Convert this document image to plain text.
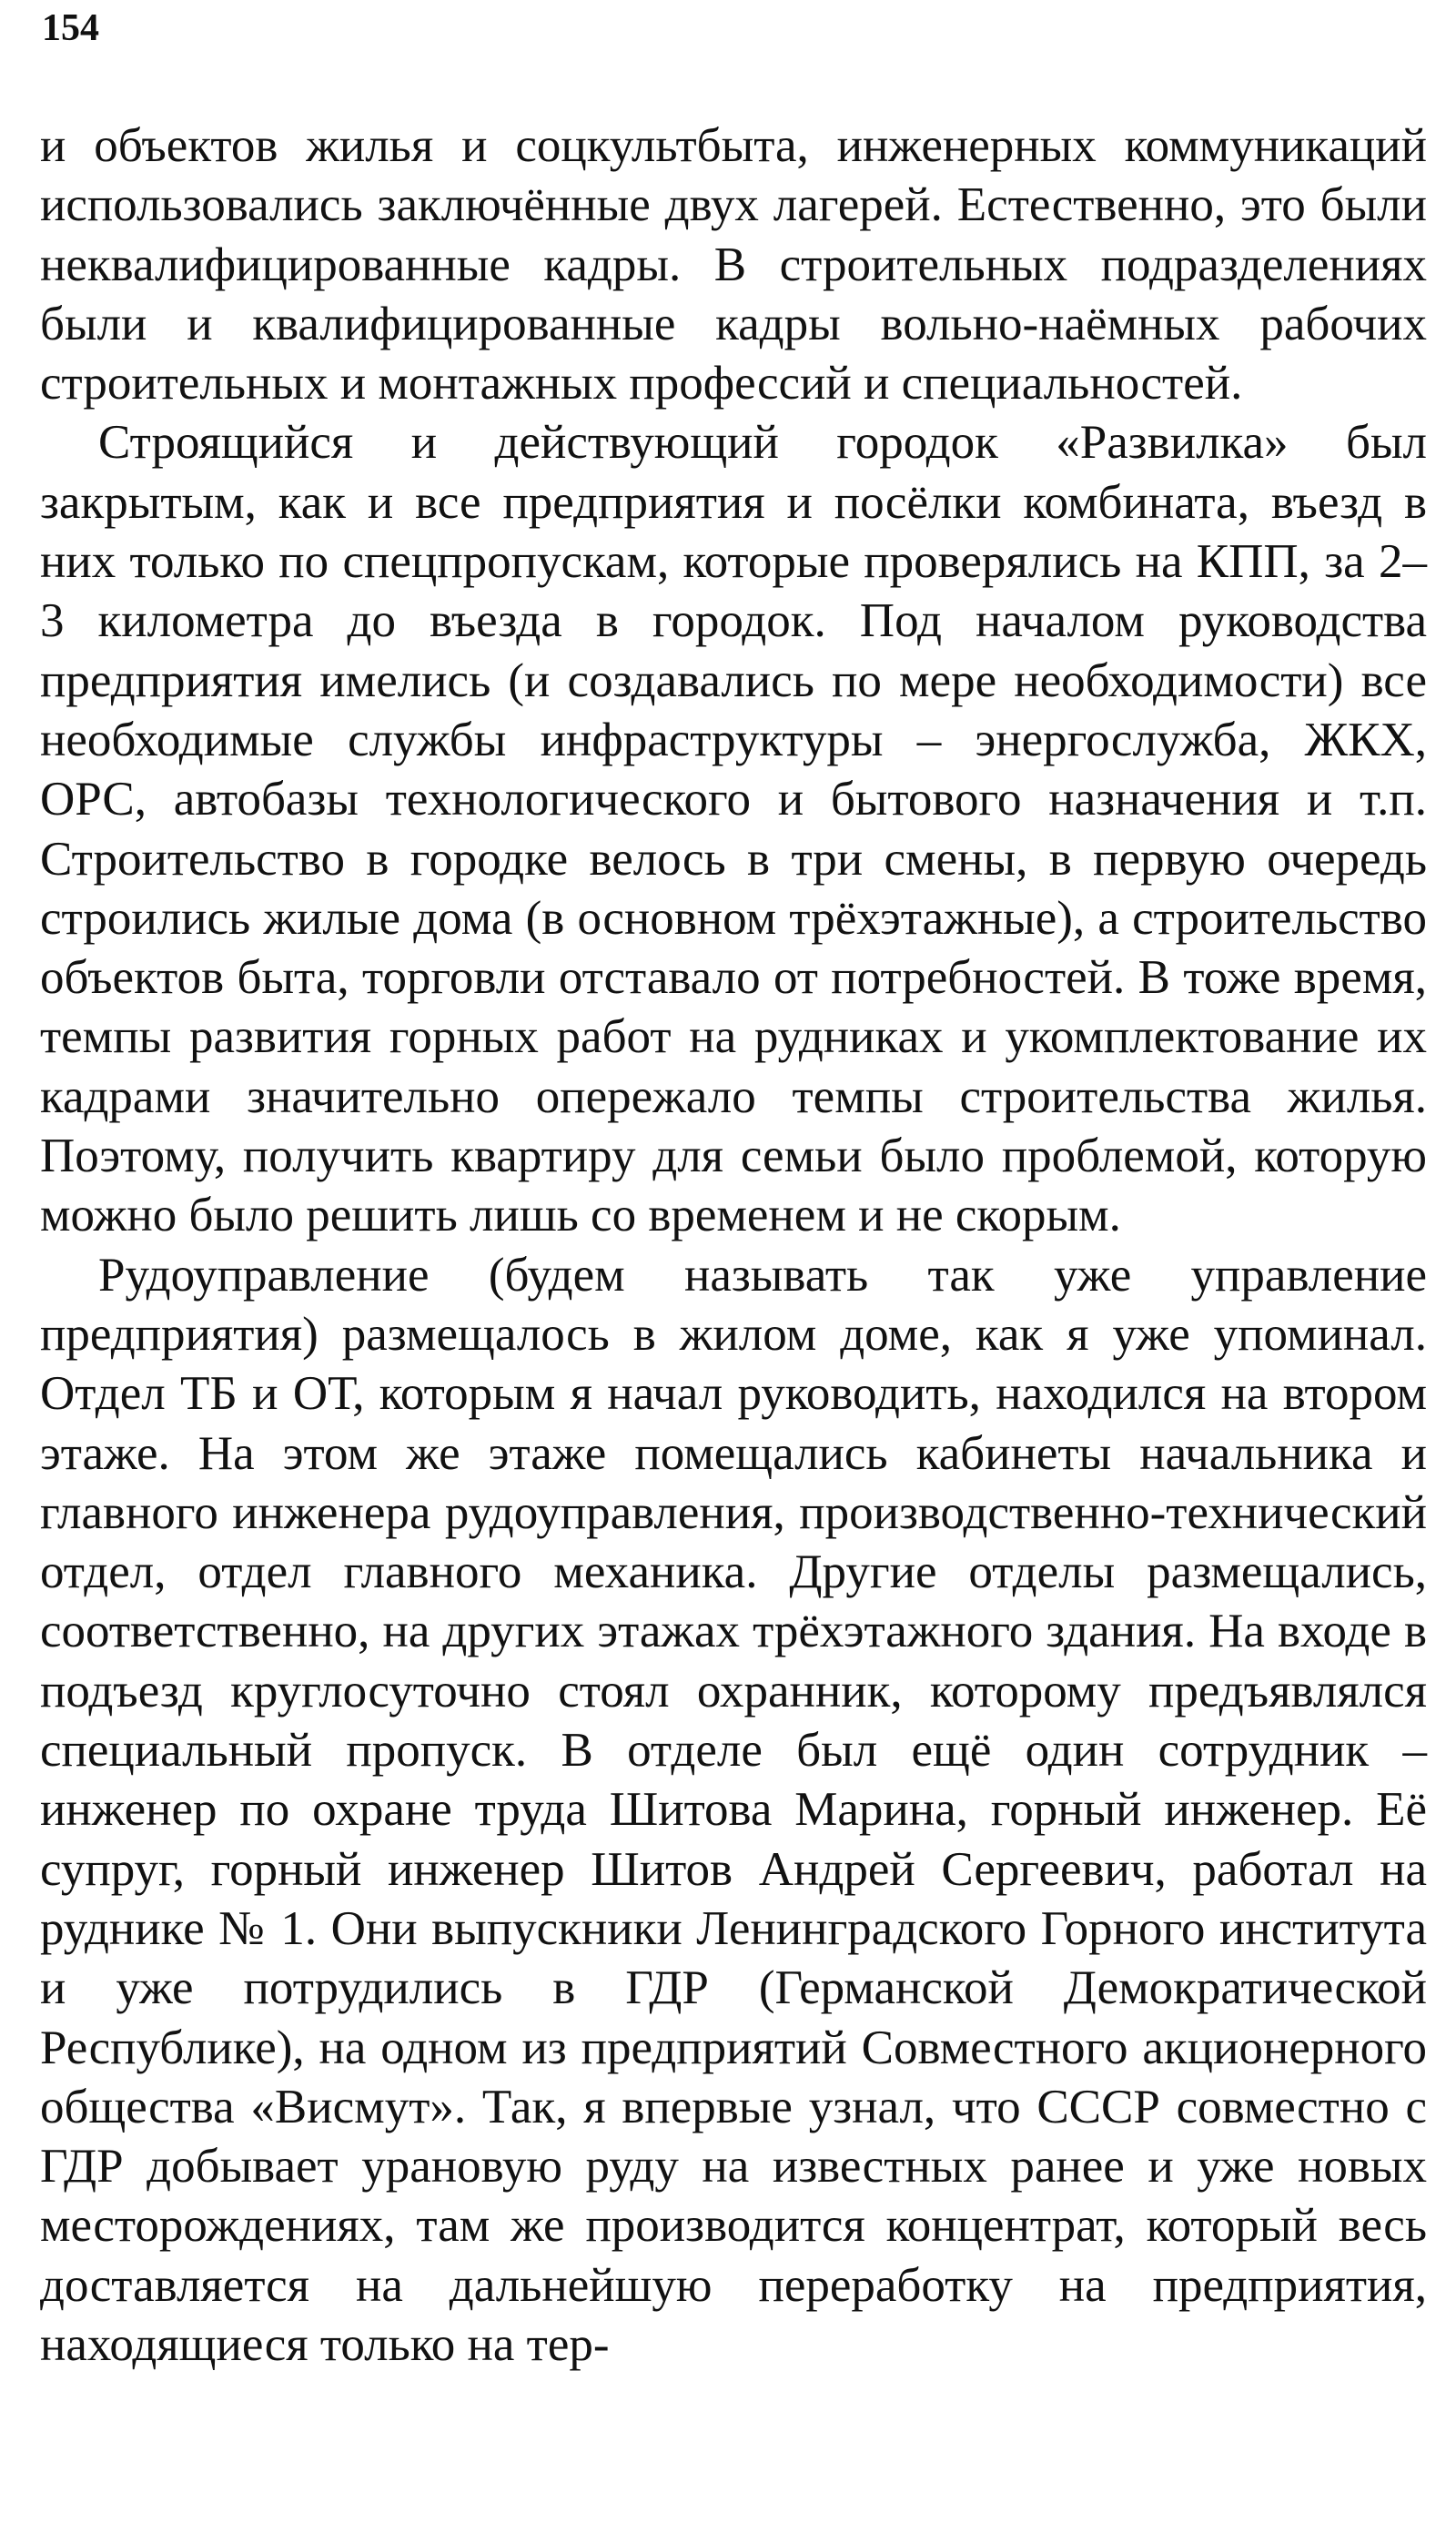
154

и объектов жилья и соцкультбыта, инженерных коммуникаций использовались заключённые двух лагерей. Естественно, это были неквалифицированные кадры. В строительных подразделениях были и квалифицированные кадры вольно-наёмных рабочих строительных и монтажных профессий и специальностей.

Строящийся и действующий городок «Развилка» был закрытым, как и все предприятия и посёлки комбината, въезд в них только по спецпропускам, которые проверялись на КПП, за 2–3 километра до въезда в городок. Под началом руководства предприятия имелись (и создавались по мере необходимости) все необходимые службы инфраструктуры – энергослужба, ЖКХ, ОРС, автобазы технологического и бытового назначения и т.п. Строительство в городке велось в три смены, в первую очередь строились жилые дома (в основном трёхэтажные), а строительство объектов быта, торговли отставало от потребностей. В тоже время, темпы развития горных работ на рудниках и укомплектование их кадрами значительно опережало темпы строительства жилья. Поэтому, получить квартиру для семьи было проблемой, которую можно было решить лишь со временем и не скорым.

Рудоуправление (будем называть так уже управление предприятия) размещалось в жилом доме, как я уже упоминал. Отдел ТБ и ОТ, которым я начал руководить, находился на втором этаже. На этом же этаже помещались кабинеты начальника и главного инженера рудоуправления, производственно-технический отдел, отдел главного механика. Другие отделы размещались, соответственно, на других этажах трёхэтажного здания. На входе в подъезд круглосуточно стоял охранник, которому предъявлялся специальный пропуск. В отделе был ещё один сотрудник – инженер по охране труда Шитова Марина, горный инженер. Её супруг, горный инженер Шитов Андрей Сергеевич, работал на руднике № 1. Они выпускники Ленинградского Горного института и уже потрудились в ГДР (Германской Демократической Республике), на одном из предприятий Совместного акционерного общества «Висмут». Так, я впервые узнал, что СССР совместно с ГДР добывает урановую руду на известных ранее и уже новых месторождениях, там же производится концентрат, который весь доставляется на дальнейшую переработку на предприятия, находящиеся только на тер-
